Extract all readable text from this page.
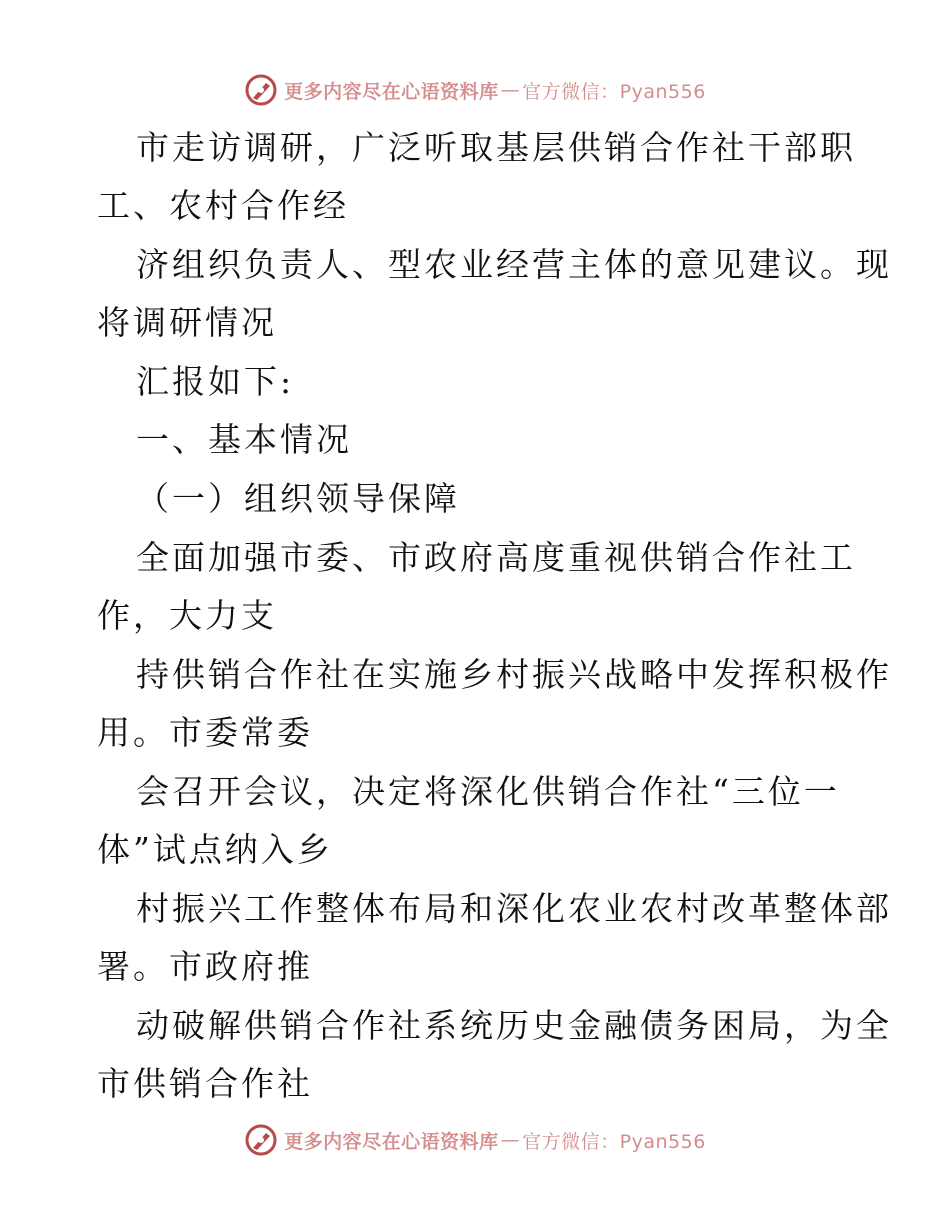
更多内容尽在心语资料库 — 官方微信：Pyan556
市走访调研，广泛听取基层供销合作社干部职
工、农村合作经
济组织负责人、型农业经营主体的意见建议。现
将调研情况
汇报如下:
一、基本情况
（一）组织领导保障
全面加强市委、市政府高度重视供销合作社工
作，大力支
持供销合作社在实施乡村振兴战略中发挥积极作
用。市委常委
会召开会议，决定将深化供销合作社“三位一
体”试点纳入乡
村振兴工作整体布局和深化农业农村改革整体部
署。市政府推
动破解供销合作社系统历史金融债务困局，为全
市供销合作社
更多内容尽在心语资料库 — 官方微信：Pyan556
